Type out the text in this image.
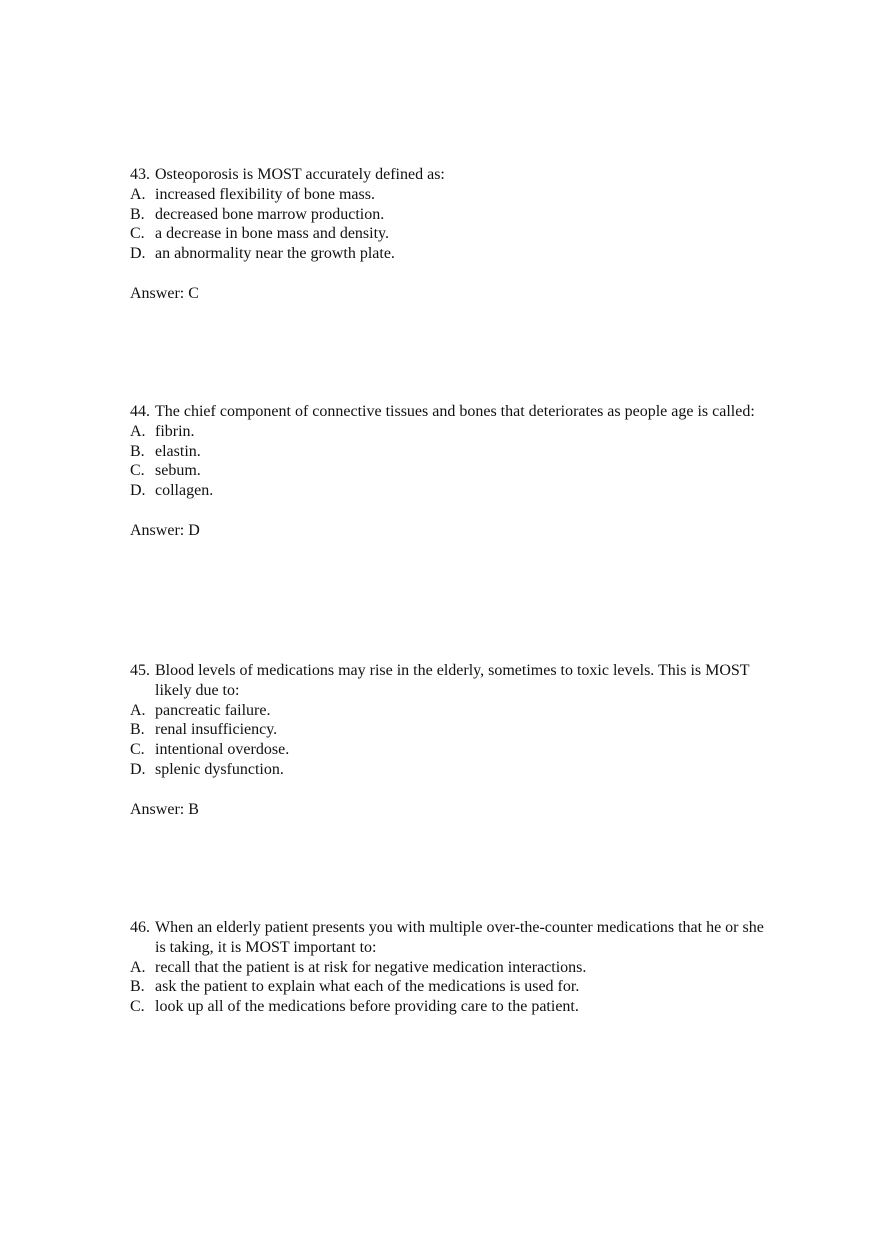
43. Osteoporosis is MOST accurately defined as:
A. increased flexibility of bone mass.
B. decreased bone marrow production.
C. a decrease in bone mass and density.
D. an abnormality near the growth plate.
Answer: C
44. The chief component of connective tissues and bones that deteriorates as people age is called:
A. fibrin.
B. elastin.
C. sebum.
D. collagen.
Answer: D
45. Blood levels of medications may rise in the elderly, sometimes to toxic levels. This is MOST likely due to:
A. pancreatic failure.
B. renal insufficiency.
C. intentional overdose.
D. splenic dysfunction.
Answer: B
46. When an elderly patient presents you with multiple over-the-counter medications that he or she is taking, it is MOST important to:
A. recall that the patient is at risk for negative medication interactions.
B. ask the patient to explain what each of the medications is used for.
C. look up all of the medications before providing care to the patient.
